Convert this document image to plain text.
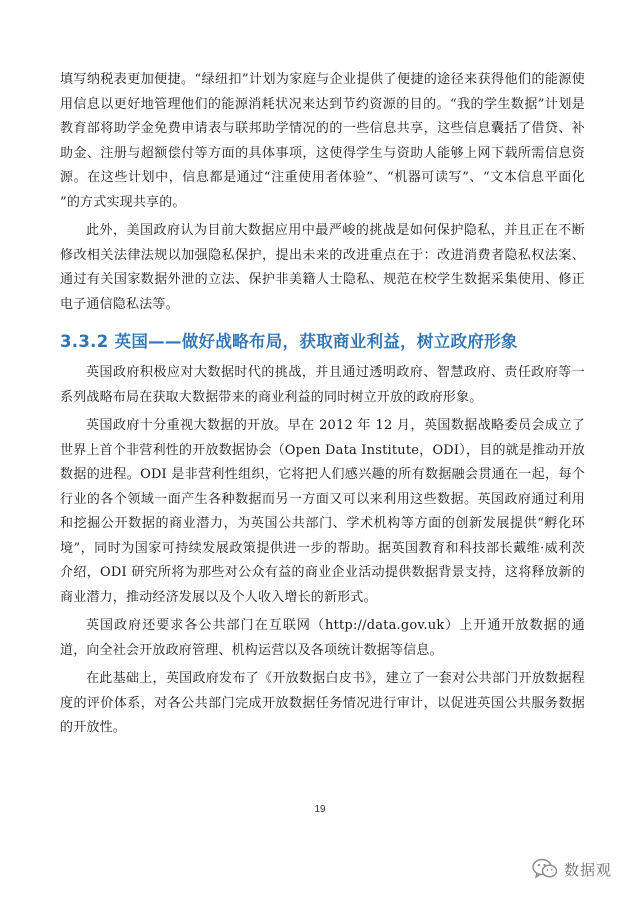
填写纳税表更加便捷。“绿纽扣”计划为家庭与企业提供了便捷的途径来获得他们的能源使用信息以更好地管理他们的能源消耗状况来达到节约资源的目的。“我的学生数据”计划是教育部将助学金免费申请表与联邦助学情况的的一些信息共享，这些信息囊括了借贷、补助金、注册与超额偿付等方面的具体事项，这使得学生与资助人能够上网下载所需信息资源。在这些计划中，信息都是通过“注重使用者体验”、“机器可读写”、“文本信息平面化 ”的方式实现共享的。

此外，美国政府认为目前大数据应用中最严峻的挑战是如何保护隐私，并且正在不断修改相关法律法规以加强隐私保护，提出未来的改进重点在于：改进消费者隐私权法案、通过有关国家数据外泄的立法、保护非美籍人士隐私、规范在校学生数据采集使用、修正电子通信隐私法等。

3.3.2 英国——做好战略布局，获取商业利益，树立政府形象

英国政府积极应对大数据时代的挑战，并且通过透明政府、智慧政府、责任政府等一系列战略布局在获取大数据带来的商业利益的同时树立开放的政府形象。

英国政府十分重视大数据的开放。早在 2012 年 12 月，英国数据战略委员会成立了世界上首个非营利性的开放数据协会（Open Data Institute，ODI），目的就是推动开放数据的进程。ODI 是非营利性组织，它将把人们感兴趣的所有数据融会贯通在一起，每个行业的各个领域一面产生各种数据而另一方面又可以来利用这些数据。英国政府通过利用和挖掘公开数据的商业潜力，为英国公共部门、学术机构等方面的创新发展提供“孵化环境”，同时为国家可持续发展政策提供进一步的帮助。据英国教育和科技部长戴维·威利茨介绍，ODI 研究所将为那些对公众有益的商业企业活动提供数据背景支持，这将释放新的商业潜力，推动经济发展以及个人收入增长的新形式。

英国政府还要求各公共部门在互联网（http://data.gov.uk）上开通开放数据的通道，向全社会开放政府管理、机构运营以及各项统计数据等信息。

在此基础上，英国政府发布了《开放数据白皮书》，建立了一套对公共部门开放数据程度的评价体系，对各公共部门完成开放数据任务情况进行审计，以促进英国公共服务数据的开放性。

19
数据观
